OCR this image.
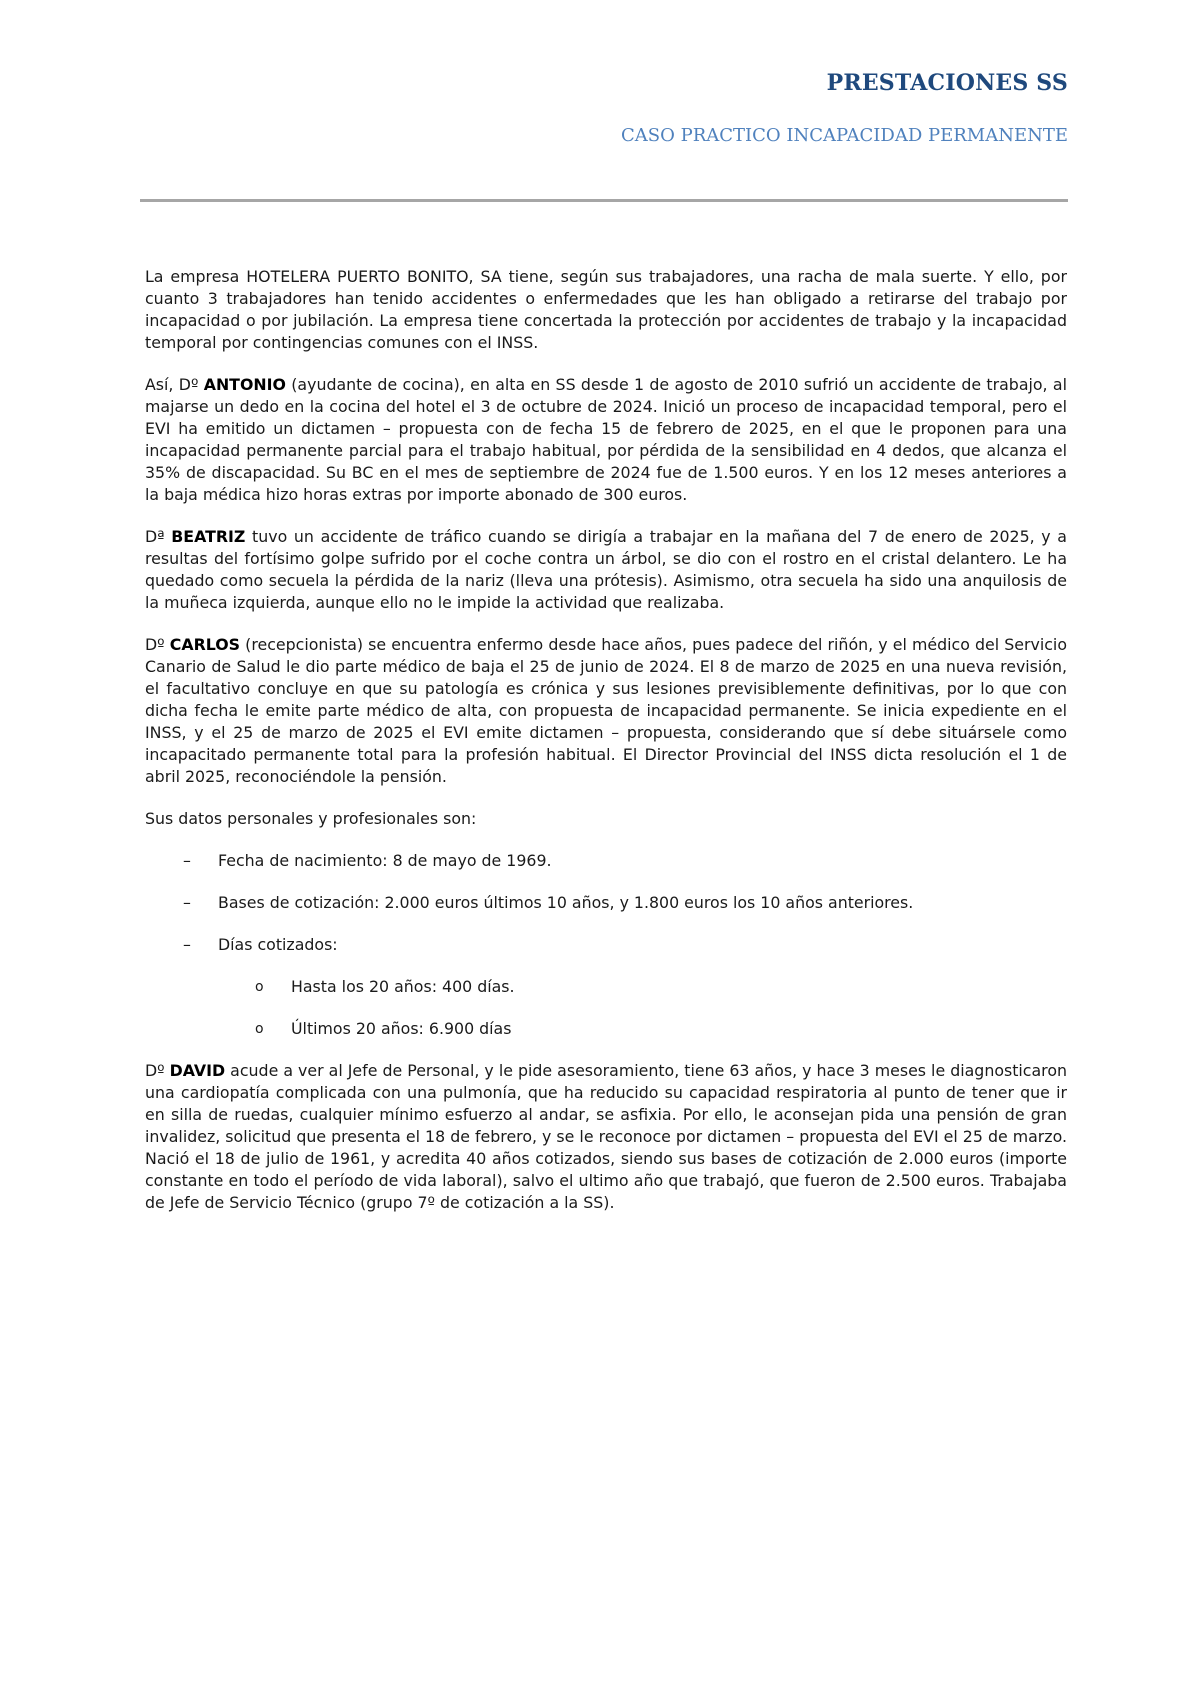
PRESTACIONES SS
CASO PRACTICO INCAPACIDAD PERMANENTE

La empresa HOTELERA PUERTO BONITO, SA tiene, según sus trabajadores, una racha de mala suerte. Y ello, por cuanto 3 trabajadores han tenido accidentes o enfermedades que les han obligado a retirarse del trabajo por incapacidad o por jubilación. La empresa tiene concertada la protección por accidentes de trabajo y la incapacidad temporal por contingencias comunes con el INSS.

Así, Dº ANTONIO (ayudante de cocina), en alta en SS desde 1 de agosto de 2010 sufrió un accidente de trabajo, al majarse un dedo en la cocina del hotel el 3 de octubre de 2024. Inició un proceso de incapacidad temporal, pero el EVI ha emitido un dictamen – propuesta con de fecha 15 de febrero de 2025, en el que le proponen para una incapacidad permanente parcial para el trabajo habitual, por pérdida de la sensibilidad en 4 dedos, que alcanza el 35% de discapacidad. Su BC en el mes de septiembre de 2024 fue de 1.500 euros. Y en los 12 meses anteriores a la baja médica hizo horas extras por importe abonado de 300 euros.

Dª BEATRIZ tuvo un accidente de tráfico cuando se dirigía a trabajar en la mañana del 7 de enero de 2025, y a resultas del fortísimo golpe sufrido por el coche contra un árbol, se dio con el rostro en el cristal delantero. Le ha quedado como secuela la pérdida de la nariz (lleva una prótesis). Asimismo, otra secuela ha sido una anquilosis de la muñeca izquierda, aunque ello no le impide la actividad que realizaba.

Dº CARLOS (recepcionista) se encuentra enfermo desde hace años, pues padece del riñón, y el médico del Servicio Canario de Salud le dio parte médico de baja el 25 de junio de 2024. El 8 de marzo de 2025 en una nueva revisión, el facultativo concluye en que su patología es crónica y sus lesiones previsiblemente definitivas, por lo que con dicha fecha le emite parte médico de alta, con propuesta de incapacidad permanente. Se inicia expediente en el INSS, y el 25 de marzo de 2025 el EVI emite dictamen – propuesta, considerando que sí debe situársele como incapacitado permanente total para la profesión habitual. El Director Provincial del INSS dicta resolución el 1 de abril 2025, reconociéndole la pensión.

Sus datos personales y profesionales son:

– Fecha de nacimiento: 8 de mayo de 1969.
– Bases de cotización: 2.000 euros últimos 10 años, y 1.800 euros los 10 años anteriores.
– Días cotizados:
o Hasta los 20 años: 400 días.
o Últimos 20 años: 6.900 días

Dº DAVID acude a ver al Jefe de Personal, y le pide asesoramiento, tiene 63 años, y hace 3 meses le diagnosticaron una cardiopatía complicada con una pulmonía, que ha reducido su capacidad respiratoria al punto de tener que ir en silla de ruedas, cualquier mínimo esfuerzo al andar, se asfixia. Por ello, le aconsejan pida una pensión de gran invalidez, solicitud que presenta el 18 de febrero, y se le reconoce por dictamen – propuesta del EVI el 25 de marzo. Nació el 18 de julio de 1961, y acredita 40 años cotizados, siendo sus bases de cotización de 2.000 euros (importe constante en todo el período de vida laboral), salvo el ultimo año que trabajó, que fueron de 2.500 euros. Trabajaba de Jefe de Servicio Técnico (grupo 7º de cotización a la SS).
